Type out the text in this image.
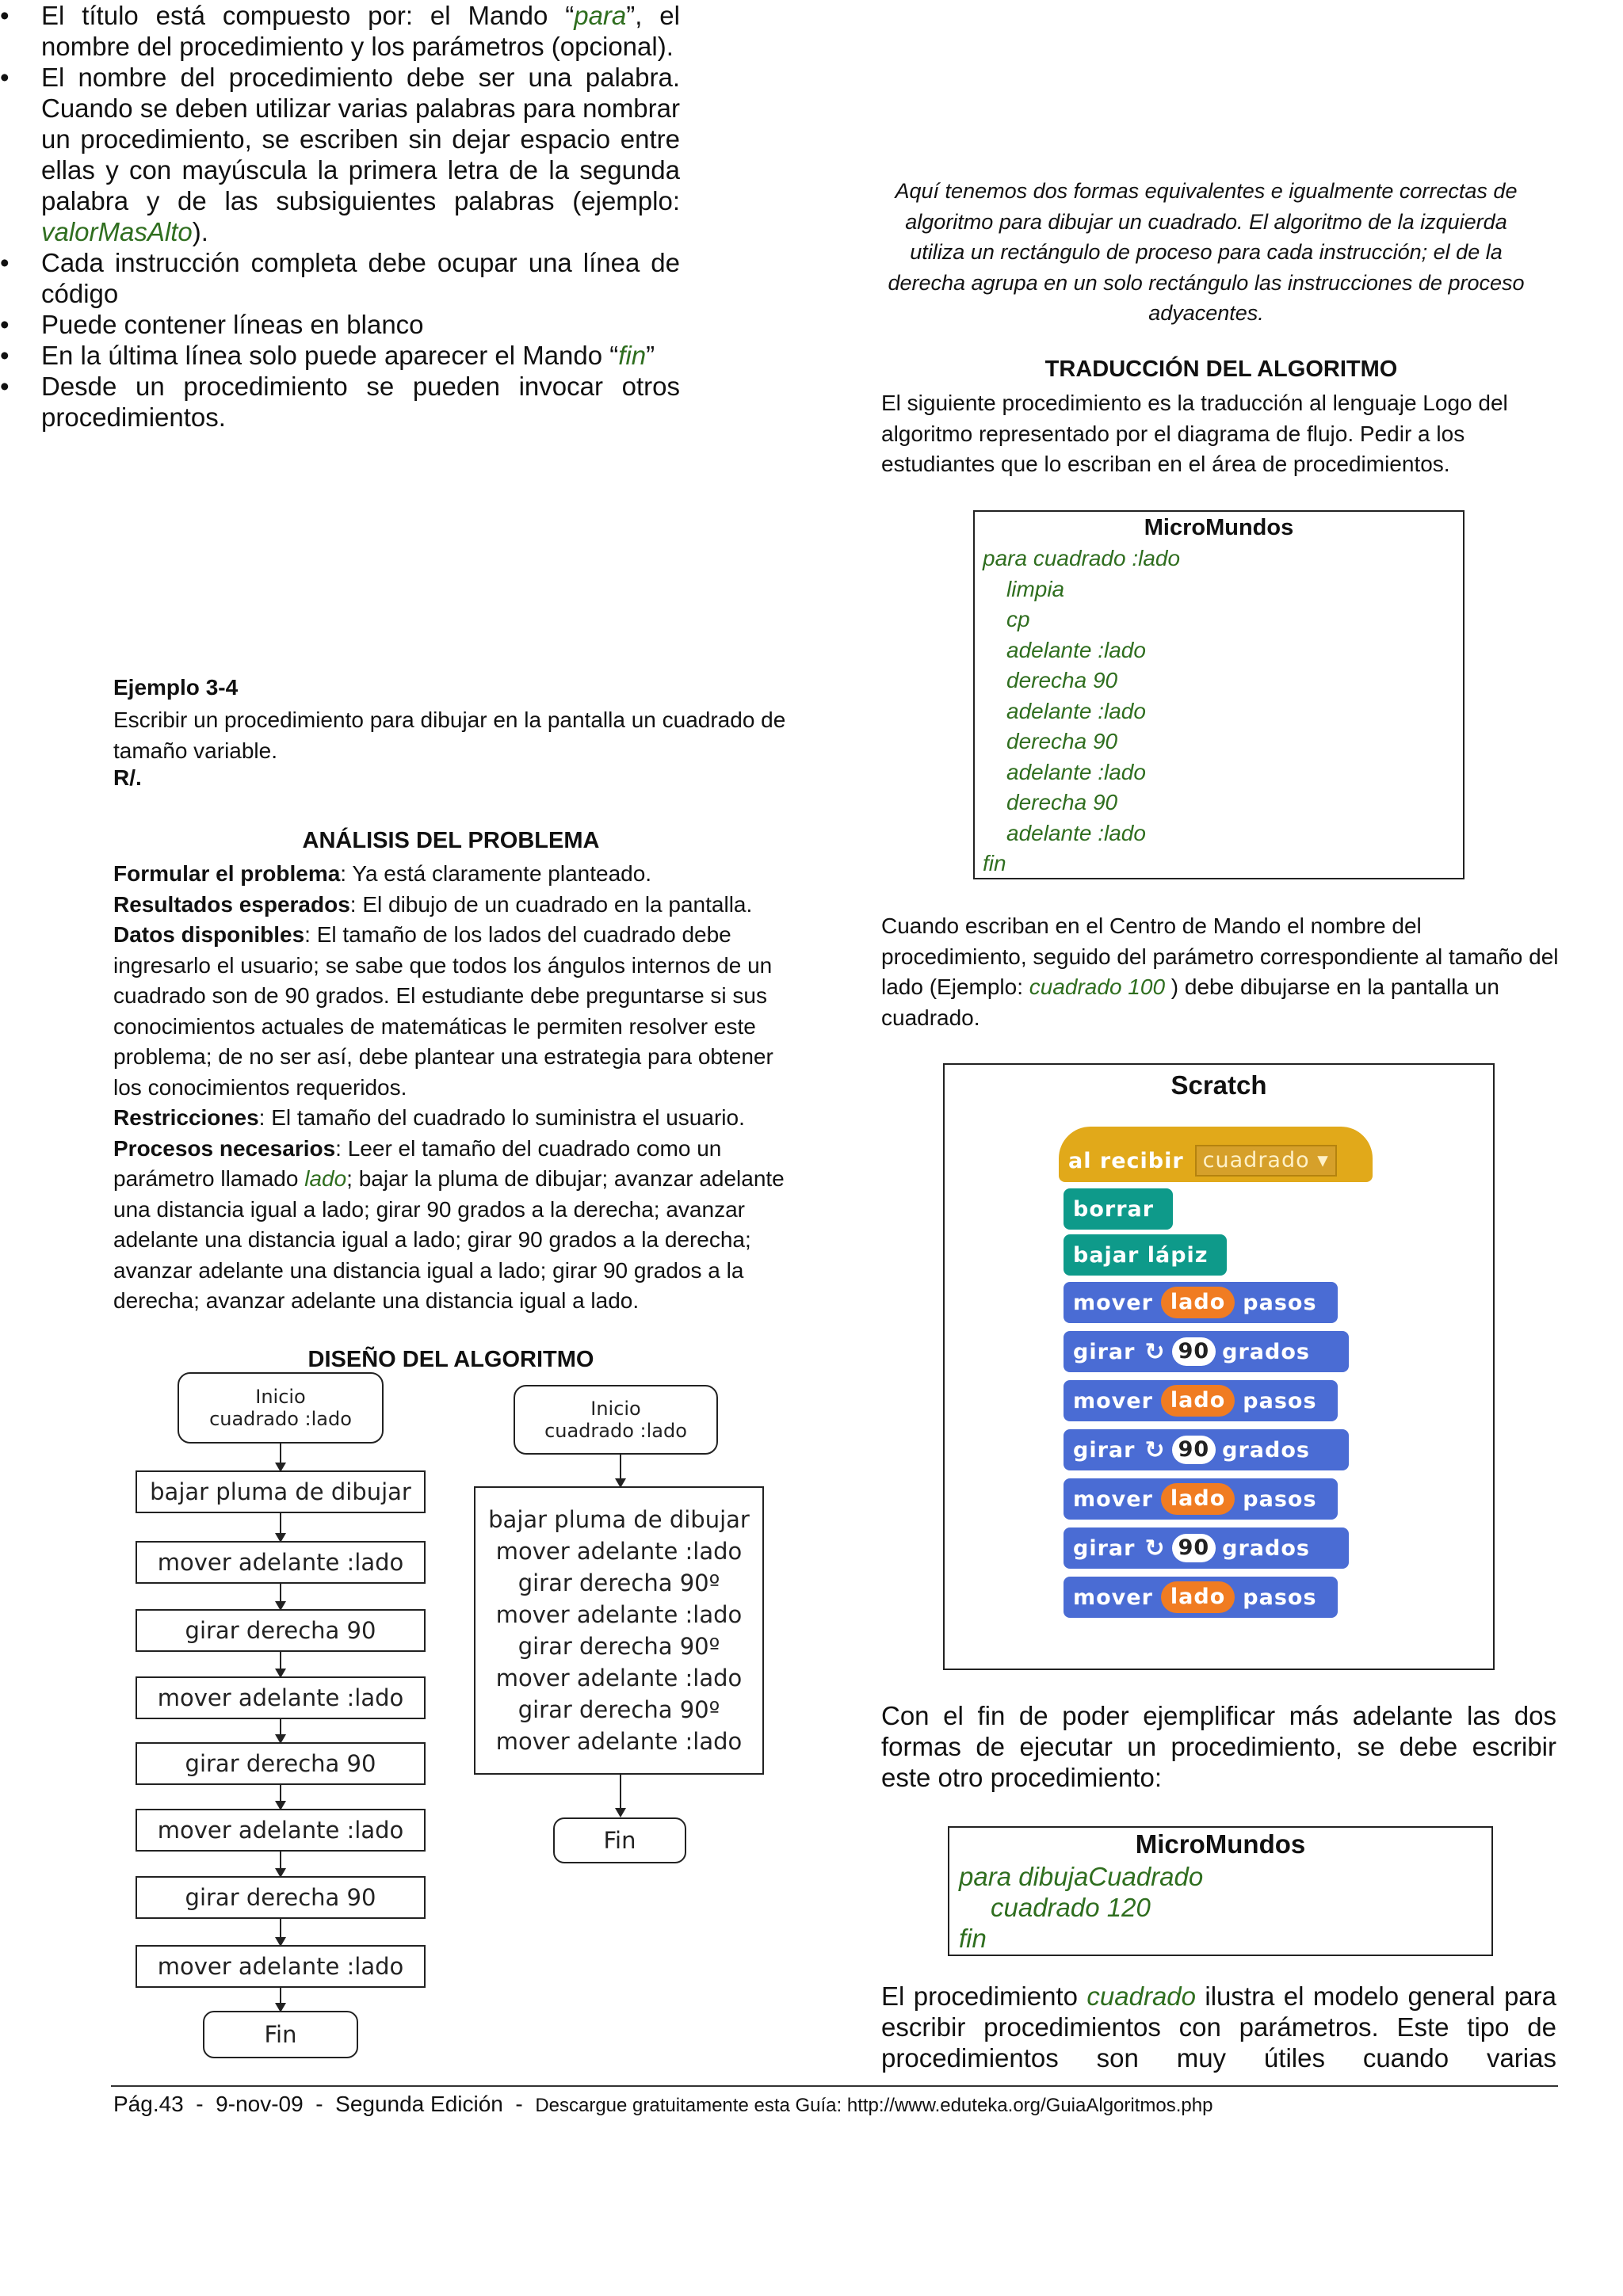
• El título está compuesto por: el Mando “para”, el nombre del procedimiento y los parámetros (opcional).
• El nombre del procedimiento debe ser una palabra. Cuando se deben utilizar varias palabras para nombrar un procedimiento, se escriben sin dejar espacio entre ellas y con mayúscula la primera letra de la segunda palabra y de las subsiguientes palabras (ejemplo: valorMasAlto).
• Cada instrucción completa debe ocupar una línea de código
• Puede contener líneas en blanco
• En la última línea solo puede aparecer el Mando “fin”
• Desde un procedimiento se pueden invocar otros procedimientos.
Ejemplo 3-4
Escribir un procedimiento para dibujar en la pantalla un cuadrado de tamaño variable.
R/.
ANÁLISIS DEL PROBLEMA

Formular el problema: Ya está claramente planteado.

Resultados esperados: El dibujo de un cuadrado en la pantalla.

Datos disponibles: El tamaño de los lados del cuadrado debe ingresarlo el usuario; se sabe que todos los ángulos internos de un cuadrado son de 90 grados. El estudiante debe preguntarse si sus conocimientos actuales de matemáticas le permiten resolver este problema; de no ser así, debe plantear una estrategia para obtener los conocimientos requeridos.

Restricciones: El tamaño del cuadrado lo suministra el usuario.

Procesos necesarios: Leer el tamaño del cuadrado como un parámetro llamado lado; bajar la pluma de dibujar; avanzar adelante una distancia igual a lado; girar 90 grados a la derecha; avanzar adelante una distancia igual a lado; girar 90 grados a la derecha; avanzar adelante una distancia igual a lado; girar 90 grados a la derecha; avanzar adelante una distancia igual a lado.

DISEÑO DEL ALGORITMO
Inicio
cuadrado :lado
bajar pluma de dibujar
mover adelante :lado
girar derecha 90
mover adelante :lado
girar derecha 90
mover adelante :lado
girar derecha 90
mover adelante :lado
Fin
Inicio
cuadrado :lado
bajar pluma de dibujar
mover adelante :lado
girar derecha 90º
mover adelante :lado
girar derecha 90º
mover adelante :lado
girar derecha 90º
mover adelante :lado
Fin
Aquí tenemos dos formas equivalentes e igualmente correctas de algoritmo para dibujar un cuadrado. El algoritmo de la izquierda utiliza un rectángulo de proceso para cada instrucción; el de la derecha agrupa en un solo rectángulo las instrucciones de proceso adyacentes.
TRADUCCIÓN DEL ALGORITMO
El siguiente procedimiento es la traducción al lenguaje Logo del algoritmo representado por el diagrama de flujo. Pedir a los estudiantes que lo escriban en el área de procedimientos.
MicroMundos
para cuadrado :lado
limpia
cp
adelante :lado
derecha 90
adelante :lado
derecha 90
adelante :lado
derecha 90
adelante :lado
fin
Cuando escriban en el Centro de Mando el nombre del procedimiento, seguido del parámetro correspondiente al tamaño del lado (Ejemplo: cuadrado 100 ) debe dibujarse en la pantalla un cuadrado.
Scratch
al recibir cuadrado ▾
borrar
bajar lápiz
mover lado pasos
girar ↻ 90 grados
mover lado pasos
girar ↻ 90 grados
mover lado pasos
girar ↻ 90 grados
mover lado pasos
Con el fin de poder ejemplificar más adelante las dos formas de ejecutar un procedimiento, se debe escribir este otro procedimiento:
MicroMundos
para dibujaCuadrado
cuadrado 120
fin
El procedimiento cuadrado ilustra el modelo general para escribir procedimientos con parámetros. Este tipo de procedimientos son muy útiles cuando varias
Pág.43  -  9-nov-09  -  Segunda Edición  -  Descargue gratuitamente esta Guía: http://www.eduteka.org/GuiaAlgoritmos.php
